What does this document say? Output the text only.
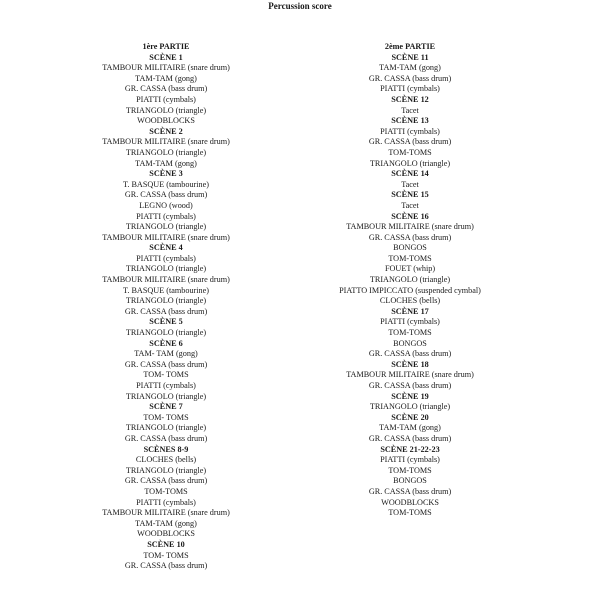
Percussion score
1ère PARTIE
SCÈNE 1
TAMBOUR MILITAIRE (snare drum)
TAM-TAM (gong)
GR. CASSA (bass drum)
PIATTI (cymbals)
TRIANGOLO (triangle)
WOODBLOCKS
SCÈNE 2
TAMBOUR MILITAIRE (snare drum)
TRIANGOLO (triangle)
TAM-TAM (gong)
SCÈNE 3
T. BASQUE (tambourine)
GR. CASSA (bass drum)
LEGNO (wood)
PIATTI (cymbals)
TRIANGOLO (triangle)
TAMBOUR MILITAIRE (snare drum)
SCÈNE 4
PIATTI (cymbals)
TRIANGOLO (triangle)
TAMBOUR MILITAIRE (snare drum)
T. BASQUE (tambourine)
TRIANGOLO (triangle)
GR. CASSA (bass drum)
SCÈNE 5
TRIANGOLO (triangle)
SCÈNE 6
TAM- TAM (gong)
GR. CASSA (bass drum)
TOM- TOMS
PIATTI (cymbals)
TRIANGOLO (triangle)
SCÈNE 7
TOM- TOMS
TRIANGOLO (triangle)
GR. CASSA (bass drum)
SCÈNES 8-9
CLOCHES (bells)
TRIANGOLO (triangle)
GR. CASSA (bass drum)
TOM-TOMS
PIATTI (cymbals)
TAMBOUR MILITAIRE (snare drum)
TAM-TAM (gong)
WOODBLOCKS
SCÈNE 10
TOM- TOMS
GR. CASSA (bass drum)
2ème PARTIE
SCÈNE 11
TAM-TAM (gong)
GR. CASSA (bass drum)
PIATTI (cymbals)
SCÈNE 12
Tacet
SCÈNE 13
PIATTI (cymbals)
GR. CASSA (bass drum)
TOM-TOMS
TRIANGOLO (triangle)
SCÈNE 14
Tacet
SCÈNE 15
Tacet
SCÈNE 16
TAMBOUR MILITAIRE (snare drum)
GR. CASSA (bass drum)
BONGOS
TOM-TOMS
FOUET (whip)
TRIANGOLO (triangle)
PIATTO IMPICCATO (suspended cymbal)
CLOCHES (bells)
SCÈNE 17
PIATTI (cymbals)
TOM-TOMS
BONGOS
GR. CASSA (bass drum)
SCÈNE 18
TAMBOUR MILITAIRE (snare drum)
GR. CASSA (bass drum)
SCÈNE 19
TRIANGOLO (triangle)
SCÈNE 20
TAM-TAM (gong)
GR. CASSA (bass drum)
SCÈNE 21-22-23
PIATTI (cymbals)
TOM-TOMS
BONGOS
GR. CASSA (bass drum)
WOODBLOCKS
TOM-TOMS
